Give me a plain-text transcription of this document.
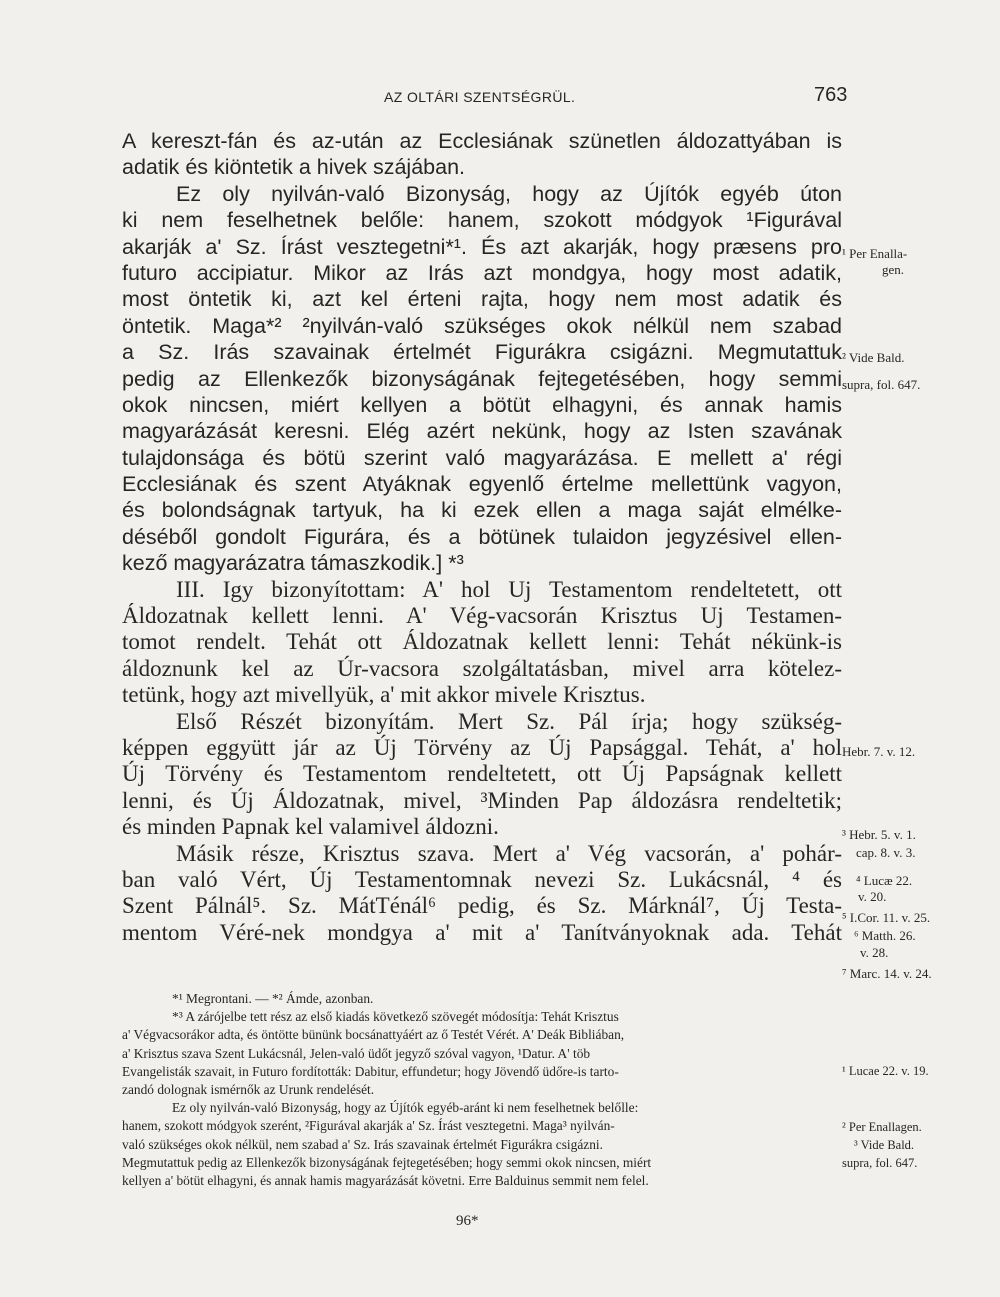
AZ OLTÁRI SZENTSÉGRÜL.	763
A kereszt-fán és az-után az Ecclesiának szünetlen áldozattyában is
adatik és kiöntetik a hivek szájában.
Ez oly nyilván-való Bizonyság, hogy az Újítók egyéb úton
ki nem feselhetnek belőle: hanem, szokott módgyok ¹Figurával
akarják a' Sz. Írást vesztegetni*¹. És azt akarják, hogy præsens pro
futuro accipiatur. Mikor az Irás azt mondgya, hogy most adatik,
most öntetik ki, azt kel érteni rajta, hogy nem most adatik és
öntetik. Maga*² ²nyilván-való szükséges okok nélkül nem szabad
a Sz. Irás szavainak értelmét Figurákra csigázni. Megmutattuk
pedig az Ellenkezők bizonyságának fejtegetésében, hogy semmi
okok nincsen, miért kellyen a bötüt elhagyni, és annak hamis
magyarázását keresni. Elég azért nekünk, hogy az Isten szavának
tulajdonsága és bötü szerint való magyarázása. E mellett a' régi
Ecclesiának és szent Atyáknak egyenlő értelme mellettünk vagyon,
és bolondságnak tartyuk, ha ki ezek ellen a maga saját elmélke-
déséből gondolt Figurára, és a bötünek tulaidon jegyzésivel ellen-
kező magyarázatra támaszkodik.] *³
III. Igy bizonyítottam: A' hol Uj Testamentom rendeltetett, ott
Áldozatnak kellett lenni. A' Vég-vacsorán Krisztus Uj Testamen-
tomot rendelt. Tehát ott Áldozatnak kellett lenni: Tehát nékünk-is
áldoznunk kel az Úr-vacsora szolgáltatásban, mivel arra kötelez-
tetünk, hogy azt mivellyük, a' mit akkor mivele Krisztus.
Első Részét bizonyítám. Mert Sz. Pál írja; hogy szükség-
képpen eggyütt jár az Új Törvény az Új Papsággal. Tehát, a' hol
Új Törvény és Testamentom rendeltetett, ott Új Papságnak kellett
lenni, és Új Áldozatnak, mivel, ³Minden Pap áldozásra rendeltetik;
és minden Papnak kel valamivel áldozni.
Másik része, Krisztus szava. Mert a' Vég vacsorán, a' pohár-
ban való Vért, Új Testamentomnak nevezi Sz. Lukácsnál, ⁴ és
Szent Pálnál⁵. Sz. MátTénál⁶ pedig, és Sz. Márknál⁷, Új Testa-
mentom Véré-nek mondgya a' mit a' Tanítványoknak ada. Tehát
¹ Per Enalla-
gen.
² Vide Bald.
supra, fol. 647.
Hebr. 7. v. 12.
³ Hebr. 5. v. 1.
cap. 8. v. 3.
⁴ Lucæ 22.
v. 20.
⁵ I.Cor. 11. v. 25.
⁶ Matth. 26.
v. 28.
⁷ Marc. 14. v. 24.
*¹ Megrontani. — *² Ámde, azonban.
*³ A zárójelbe tett rész az első kiadás következő szövegét módosítja: Tehát Krisztus
a' Végvacsorákor adta, és öntötte bününk bocsánattyáért az ő Testét Vérét. A' Deák Bibliában,
a' Krisztus szava Szent Lukácsnál, Jelen-való üdőt jegyző szóval vagyon, ¹Datur. A' töb
Evangelisták szavait, in Futuro fordították: Dabitur, effundetur; hogy Jövendő üdőre-is tarto-
zandó dolognak ismérnők az Urunk rendelését.
Ez oly nyilván-való Bizonyság, hogy az Újítók egyéb-aránt ki nem feselhetnek belőlle:
hanem, szokott módgyok szerént, ²Figurával akarják a' Sz. Írást vesztegetni. Maga³ nyilván-
való szükséges okok nélkül, nem szabad a' Sz. Irás szavainak értelmét Figurákra csigázni.
Megmutattuk pedig az Ellenkezők bizonyságának fejtegetésében; hogy semmi okok nincsen, miért
kellyen a' bötüt elhagyni, és annak hamis magyarázását követni. Erre Balduinus semmit nem felel.
¹ Lucae 22. v. 19.
² Per Enallagen.
³ Vide Bald.
supra, fol. 647.
96*
